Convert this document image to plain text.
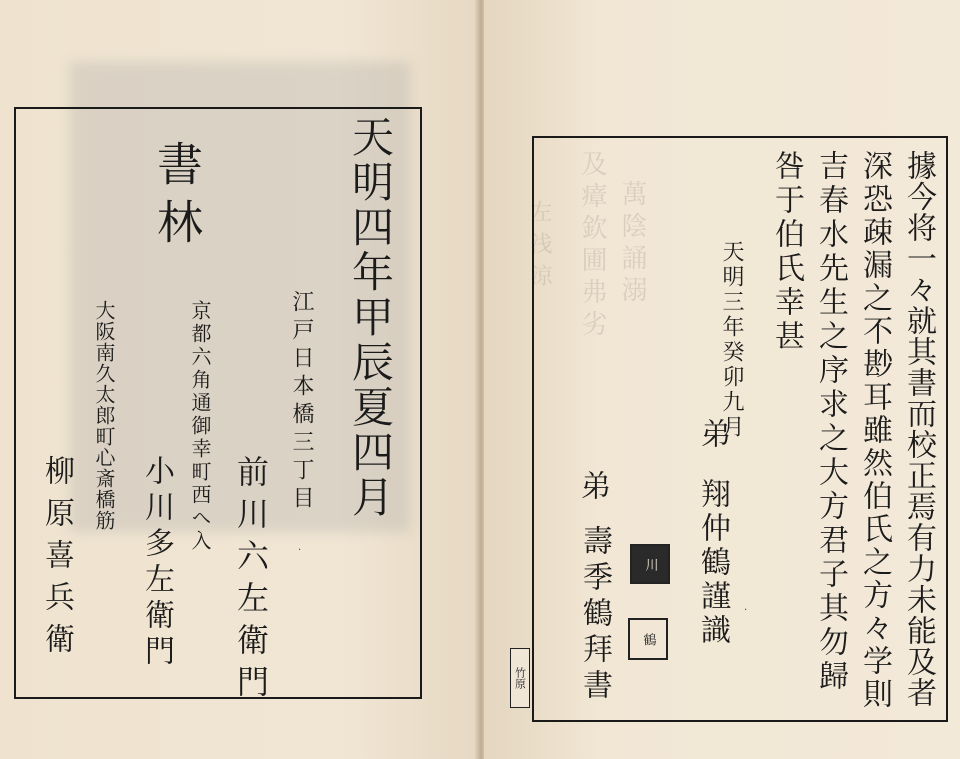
天明四年甲辰夏四月
書林
江戸日本橋三丁目
前川六左衛門
京都六角通御幸町西へ入
小川多左衛門
大阪南久太郎町心斎橋筋
柳原喜兵衛
及瘴欽圃弗劣 萬陰誦溺
左浅涼	據今将一々就其書而校正焉有力未能及者
深恐疎漏之不尠耳雖然伯氏之方々学則
吉春水先生之序求之大方君子其勿歸
咎于伯氏幸甚
天明三年癸卯九月
弟
翔仲鶴謹識
弟
壽季鶴拜書	川
鶴
竹原
·
·
